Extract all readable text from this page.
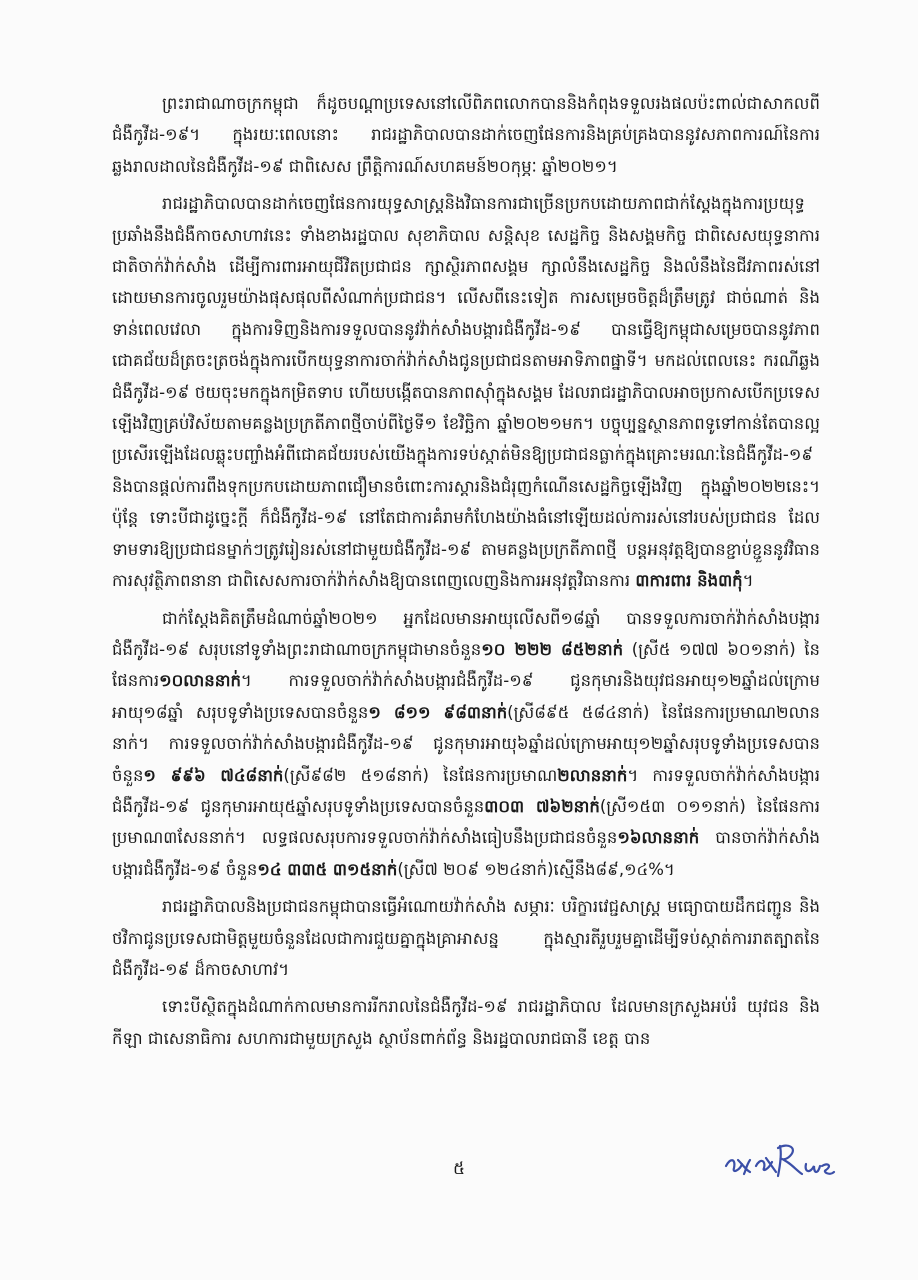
ព្រះរាជាណាចក្រកម្ពុជា ក៏ដូចបណ្តាប្រទេសនៅលើពិភពលោកបាននិងកំពុងទទួលរងផលប៉ះពាល់ជាសាកលពីជំងឺកូវីដ-១៩។ ក្នុងរយៈពេលនោះ រាជរដ្ឋាភិបាលបានដាក់ចេញផែនការនិងគ្រប់គ្រងបាននូវសភាពការណ៍នៃការឆ្លងរាលដាលនៃជំងឺកូវីដ-១៩ ជាពិសេស ព្រឹត្តិការណ៍សហគមន៍២០កុម្ភៈ ឆ្នាំ២០២១។

រាជរដ្ឋាភិបាលបានដាក់ចេញផែនការយុទ្ធសាស្ត្រនិងវិធានការជាច្រើនប្រកបដោយភាពជាក់ស្តែងក្នុងការប្រយុទ្ធប្រឆាំងនឹងជំងឺកាចសាហាវនេះ ទាំងខាងរដ្ឋបាល សុខាភិបាល សន្តិសុខ សេដ្ឋកិច្ច និងសង្គមកិច្ច ជាពិសេសយុទ្ធនាការជាតិចាក់វ៉ាក់សាំង ដើម្បីការពារអាយុជីវិតប្រជាជន ក្សាស្ថិរភាពសង្គម ក្សាលំនឹងសេដ្ឋកិច្ច និងលំនឹងនៃជីវភាពរស់នៅ ដោយមានការចូលរួមយ៉ាងផុសផុលពីសំណាក់ប្រជាជន។ លើសពីនេះទៀត ការសម្រេចចិត្តដ៏ត្រឹមត្រូវ ជាច់ណាត់ និងទាន់ពេលវេលា ក្នុងការទិញនិងការទទួលបាននូវវ៉ាក់សាំងបង្ការជំងឺកូវីដ-១៩ បានធ្វើឱ្យកម្ពុជាសម្រេចបាននូវភាពជោគជ័យដ៏ត្រចះត្រចង់ក្នុងការបើកយុទ្ធនាការចាក់វ៉ាក់សាំងជូនប្រជាជនតាមអាទិភាពផ្នាទី។ មកដល់ពេលនេះ ករណីឆ្លងជំងឺកូវីដ-១៩ ថយចុះមកក្នុងកម្រិតទាប ហើយបង្កើតបានភាពស៊ាំក្នុងសង្គម ដែលរាជរដ្ឋាភិបាលអាចប្រកាសបើកប្រទេសឡើងវិញគ្រប់វិស័យតាមគន្លងប្រក្រតីភាពថ្មីចាប់ពីថ្ងៃទី១ ខែវិច្ឆិកា ឆ្នាំ២០២១មក។ បច្ចុប្បន្នស្ថានភាពទូទៅកាន់តែបានល្អប្រសើរឡើងដែលឆ្លុះបញ្ចាំងអំពីជោគជ័យរបស់យើងក្នុងការទប់ស្កាត់មិនឱ្យប្រជាជនធ្លាក់ក្នុងគ្រោះមរណៈនៃជំងឺកូវីដ-១៩ និងបានផ្តល់ការពឹងទុកប្រកបដោយភាពជឿមានចំពោះការស្តារនិងជំរុញកំណើនសេដ្ឋកិច្ចឡើងវិញ ក្នុងឆ្នាំ២០២២នេះ។ ប៉ុន្តែ ទោះបីជាដូច្នេះក្តី ក៏ជំងឺកូវីដ-១៩ នៅតែជាការគំរាមកំហែងយ៉ាងធំនៅឡើយដល់ការរស់នៅរបស់ប្រជាជន ដែលទាមទារឱ្យប្រជាជនម្នាក់ៗត្រូវរៀនរស់នៅជាមួយជំងឺកូវីដ-១៩ តាមគន្លងប្រក្រតីភាពថ្មី បន្តអនុវត្តឱ្យបានខ្ជាប់ខ្ជួននូវវិធានការសុវត្ថិភាពនានា ជាពិសេសការចាក់វ៉ាក់សាំងឱ្យបានពេញលេញនិងការអនុវត្តវិធានការ ៣ការពារ និង៣កុំ។

ជាក់ស្តែងគិតត្រឹមដំណាច់ឆ្នាំ២០២១ អ្នកដែលមានអាយុលើសពី១៨ឆ្នាំ បានទទួលការចាក់វ៉ាក់សាំងបង្ការជំងឺកូវីដ-១៩ សរុបនៅទូទាំងព្រះរាជាណាចក្រកម្ពុជាមានចំនួន១០ ២២២ ៨៥២នាក់ (ស្រី៥ ១៧៧ ៦០១នាក់) នៃផែនការ១០លាននាក់។ ការទទួលចាក់វ៉ាក់សាំងបង្ការជំងឺកូវីដ-១៩ ជូនកុមារនិងយុវជនអាយុ១២ឆ្នាំដល់ក្រោមអាយុ១៨ឆ្នាំ សរុបទូទាំងប្រទេសបានចំនួន១ ៨១១ ៩៨៣នាក់(ស្រី៨៩៥ ៥៨៤នាក់) នៃផែនការប្រមាណ២លាននាក់។ ការទទួលចាក់វ៉ាក់សាំងបង្ការជំងឺកូវីដ-១៩ ជូនកុមារអាយុ៦ឆ្នាំដល់ក្រោមអាយុ១២ឆ្នាំសរុបទូទាំងប្រទេសបានចំនួន១ ៩៩៦ ៧៤៨នាក់(ស្រី៩៨២ ៥១៨នាក់) នៃផែនការប្រមាណ២លាននាក់។ ការទទួលចាក់វ៉ាក់សាំងបង្ការជំងឺកូវីដ-១៩ ជូនកុមារអាយុ៥ឆ្នាំសរុបទូទាំងប្រទេសបានចំនួន៣០៣ ៧៦២នាក់(ស្រី១៥៣ ០១១នាក់) នៃផែនការប្រមាណ៣សែននាក់។ លទ្ធផលសរុបការទទួលចាក់វ៉ាក់សាំងធៀបនឹងប្រជាជនចំនួន១៦លាននាក់ បានចាក់វ៉ាក់សាំងបង្ការជំងឺកូវីដ-១៩ ចំនួន១៤ ៣៣៥ ៣១៥នាក់(ស្រី៧ ២០៩ ១២៤នាក់)ស្មើនឹង៨៩,១៤%។

រាជរដ្ឋាភិបាលនិងប្រជាជនកម្ពុជាបានធ្វើអំណោយវ៉ាក់សាំង សម្ភារៈ បរិក្ខារវេជ្ជសាស្ត្រ មធ្យោបាយដឹកជញ្ជូន និងថវិកាជូនប្រទេសជាមិត្តមួយចំនួនដែលជាការជួយគ្នាក្នុងគ្រាអាសន្ន ក្នុងស្មារតីរួបរួមគ្នាដើម្បីទប់ស្កាត់ការរាតត្បាតនៃជំងឺកូវីដ-១៩ ដ៏កាចសាហាវ។

ទោះបីស្ថិតក្នុងដំណាក់កាលមានការរីករាលនៃជំងឺកូវីដ-១៩ រាជរដ្ឋាភិបាល ដែលមានក្រសួងអប់រំ យុវជន និងកីឡា ជាសេនាធិការ សហការជាមួយក្រសួង ស្ថាប័នពាក់ព័ន្ធ និងរដ្ឋបាលរាជធានី ខេត្ត បាន

៥
